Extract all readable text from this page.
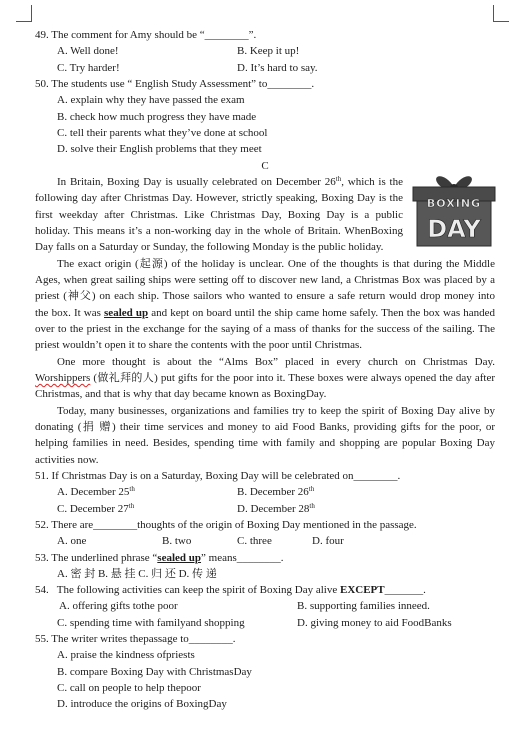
BOXING
DAY
49. The comment for Amy should be “________”.
A. Well done!	B. Keep it up!
C. Try harder!	D. It’s hard to say.
50. The students use “ English Study Assessment” to________.
A. explain why they have passed the exam
B. check how much progress they have made
C. tell their parents what they’ve done at school
D. solve their English problems that they meet
C
In Britain, Boxing Day is usually celebrated on December 26th, which is the
following day after Christmas Day. However, strictly speaking, Boxing Day is the
first weekday after Christmas. Like Christmas Day, Boxing Day is a public
holiday. This means it’s a non-working day in the whole of Britain. WhenBoxing
Day falls on a Saturday or Sunday, the following Monday is the public holiday.
The exact origin (起源) of the holiday is unclear. One of the thoughts is that during the Middle
Ages, when great sailing ships were setting off to discover new land, a Christmas Box was placed by a
priest (神父) on each ship. Those sailors who wanted to ensure a safe return would drop money into
the box. It was sealed up and kept on board until the ship came home safely. Then the box was handed
over to the priest in the exchange for the saying of a mass of thanks for the success of the sailing. The
priest wouldn’t open it to share the contents with the poor until Christmas.
One more thought is about the “Alms Box” placed in every church on Christmas Day.
Worshippers (做礼拜的人) put gifts for the poor into it. These boxes were always opened the day after
Christmas, and that is why that day became known as BoxingDay.
Today, many businesses, organizations and families try to keep the spirit of Boxing Day alive by
donating (捐 赠) their time services and money to aid Food Banks, providing gifts for the poor, or
helping families in need. Besides, spending time with family and shopping are popular Boxing Day
activities now.
51. If Christmas Day is on a Saturday, Boxing Day will be celebrated on________.
A. December 25th	B. December 26th
C. December 27th	D. December 28th
52. There are________thoughts of the origin of Boxing Day mentioned in the passage.
A. one	B. two	C. three	D. four
53. The underlined phrase “sealed up” means________.
A. 密 封 B. 悬 挂 C. 归 还 D. 传 递
54.   The following activities can keep the spirit of Boxing Day alive EXCEPT_______.
A. offering gifts tothe poor	B. supporting families inneed.
C. spending time with familyand shopping	D. giving money to aid FoodBanks
55. The writer writes thepassage to________.
A. praise the kindness ofpriests
B. compare Boxing Day with ChristmasDay
C. call on people to help thepoor
D. introduce the origins of BoxingDay
